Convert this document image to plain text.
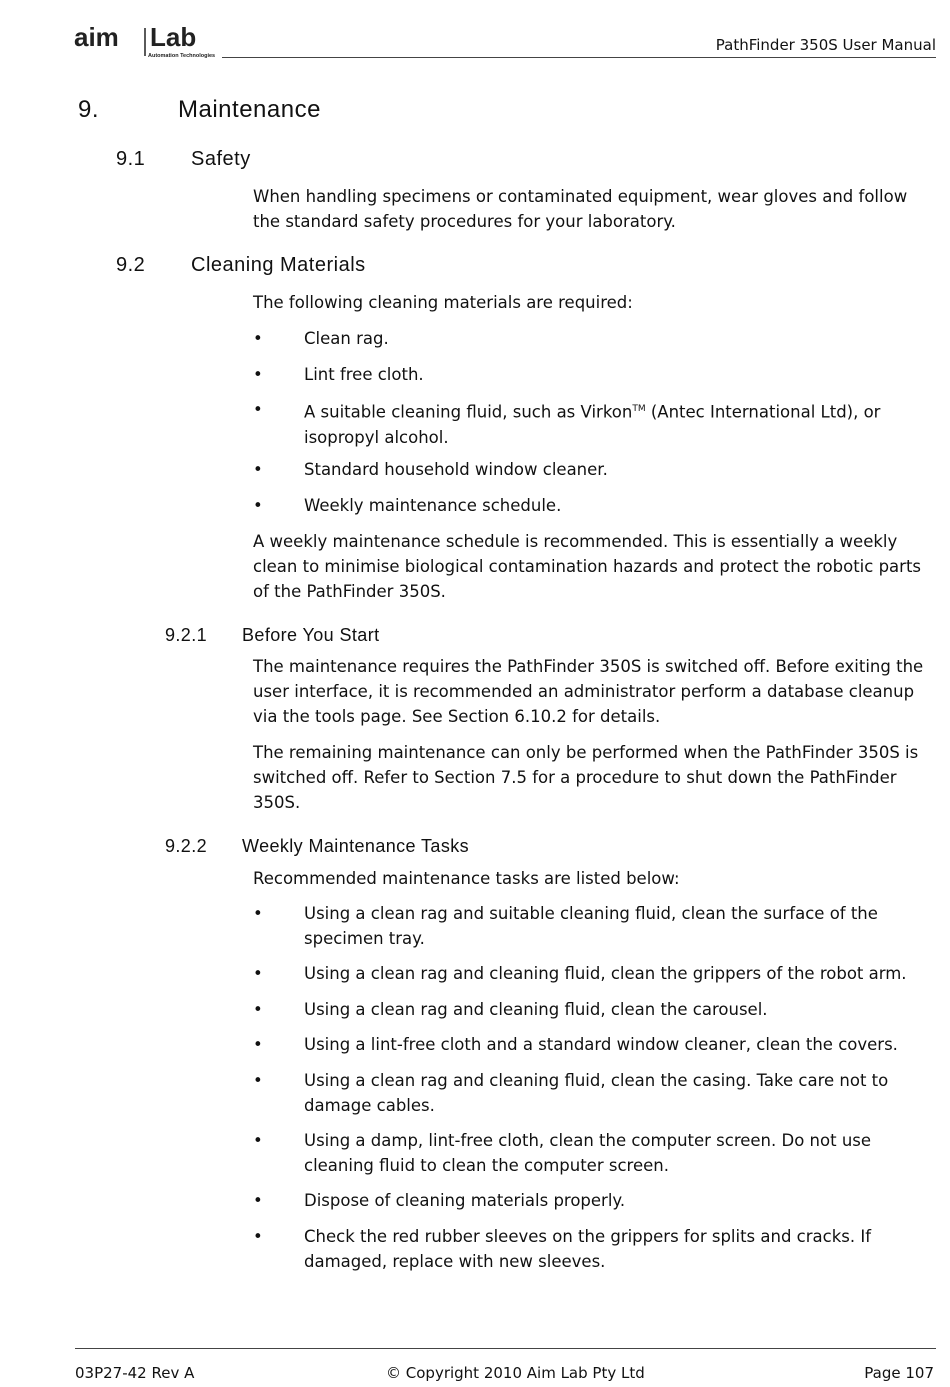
aim Lab
Automation Technologies
PathFinder 350S User Manual
9.	Maintenance
9.1 Safety
When handling specimens or contaminated equipment, wear gloves and follow the standard safety procedures for your laboratory.
9.2 Cleaning Materials
The following cleaning materials are required:
•	Clean rag.
•	Lint free cloth.
•	A suitable cleaning fluid, such as Virkon™ (Antec International Ltd), or isopropyl alcohol.
•	Standard household window cleaner.
•	Weekly maintenance schedule.
A weekly maintenance schedule is recommended. This is essentially a weekly clean to minimise biological contamination hazards and protect the robotic parts of the PathFinder 350S.
9.2.1 Before You Start
The maintenance requires the PathFinder 350S is switched off. Before exiting the user interface, it is recommended an administrator perform a database cleanup via the tools page. See Section 6.10.2 for details.
The remaining maintenance can only be performed when the PathFinder 350S is switched off. Refer to Section 7.5 for a procedure to shut down the PathFinder 350S.
9.2.2 Weekly Maintenance Tasks
Recommended maintenance tasks are listed below:
•	Using a clean rag and suitable cleaning fluid, clean the surface of the specimen tray.
•	Using a clean rag and cleaning fluid, clean the grippers of the robot arm.
•	Using a clean rag and cleaning fluid, clean the carousel.
•	Using a lint-free cloth and a standard window cleaner, clean the covers.
•	Using a clean rag and cleaning fluid, clean the casing. Take care not to damage cables.
•	Using a damp, lint-free cloth, clean the computer screen. Do not use cleaning fluid to clean the computer screen.
•	Dispose of cleaning materials properly.
•	Check the red rubber sleeves on the grippers for splits and cracks. If damaged, replace with new sleeves.
03P27-42 Rev A	© Copyright 2010 Aim Lab Pty Ltd	Page 107
